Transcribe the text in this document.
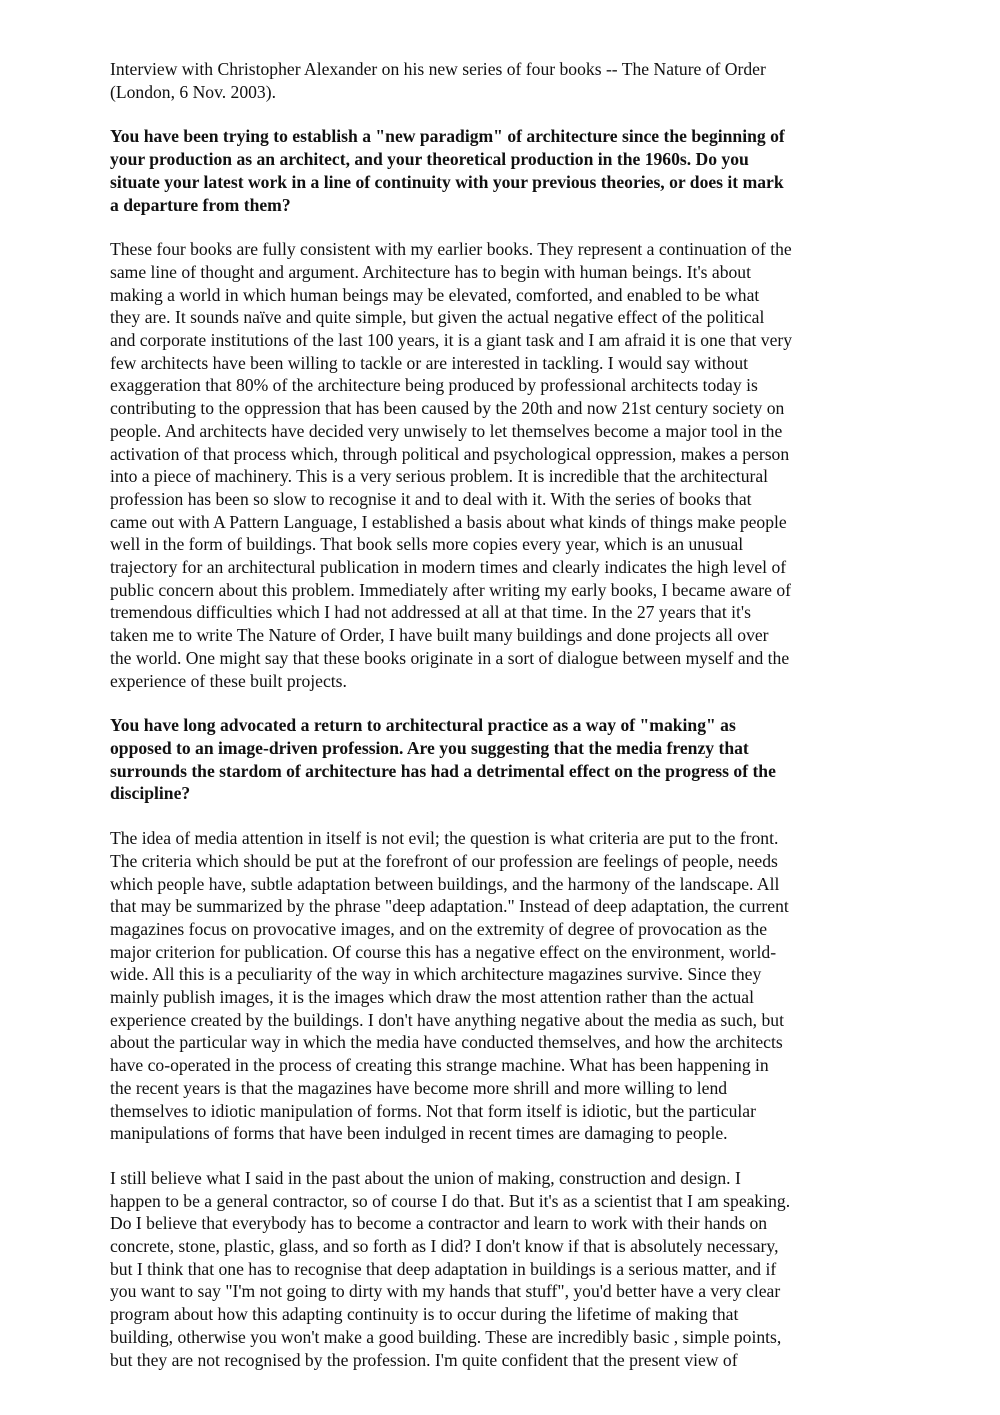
Interview with Christopher Alexander on his new series of four books -- The Nature of Order
(London, 6 Nov. 2003).

You have been trying to establish a "new paradigm" of architecture since the beginning of
your production as an architect, and your theoretical production in the 1960s. Do you
situate your latest work in a line of continuity with your previous theories, or does it mark
a departure from them?

These four books are fully consistent with my earlier books. They represent a continuation of the
same line of thought and argument. Architecture has to begin with human beings. It's about
making a world in which human beings may be elevated, comforted, and enabled to be what
they are. It sounds naïve and quite simple, but given the actual negative effect of the political
and corporate institutions of the last 100 years, it is a giant task and I am afraid it is one that very
few architects have been willing to tackle or are interested in tackling. I would say without
exaggeration that 80% of the architecture being produced by professional architects today is
contributing to the oppression that has been caused by the 20th and now 21st century society on
people. And architects have decided very unwisely to let themselves become a major tool in the
activation of that process which, through political and psychological oppression, makes a person
into a piece of machinery. This is a very serious problem. It is incredible that the architectural
profession has been so slow to recognise it and to deal with it. With the series of books that
came out with A Pattern Language, I established a basis about what kinds of things make people
well in the form of buildings. That book sells more copies every year, which is an unusual
trajectory for an architectural publication in modern times and clearly indicates the high level of
public concern about this problem. Immediately after writing my early books, I became aware of
tremendous difficulties which I had not addressed at all at that time. In the 27 years that it's
taken me to write The Nature of Order, I have built many buildings and done projects all over
the world. One might say that these books originate in a sort of dialogue between myself and the
experience of these built projects.

You have long advocated a return to architectural practice as a way of "making" as
opposed to an image-driven profession. Are you suggesting that the media frenzy that
surrounds the stardom of architecture has had a detrimental effect on the progress of the
discipline?

The idea of media attention in itself is not evil; the question is what criteria are put to the front.
The criteria which should be put at the forefront of our profession are feelings of people, needs
which people have, subtle adaptation between buildings, and the harmony of the landscape. All
that may be summarized by the phrase "deep adaptation." Instead of deep adaptation, the current
magazines focus on provocative images, and on the extremity of degree of provocation as the
major criterion for publication. Of course this has a negative effect on the environment, world-
wide. All this is a peculiarity of the way in which architecture magazines survive. Since they
mainly publish images, it is the images which draw the most attention rather than the actual
experience created by the buildings. I don't have anything negative about the media as such, but
about the particular way in which the media have conducted themselves, and how the architects
have co-operated in the process of creating this strange machine. What has been happening in
the recent years is that the magazines have become more shrill and more willing to lend
themselves to idiotic manipulation of forms. Not that form itself is idiotic, but the particular
manipulations of forms that have been indulged in recent times are damaging to people.

I still believe what I said in the past about the union of making, construction and design. I
happen to be a general contractor, so of course I do that. But it's as a scientist that I am speaking.
Do I believe that everybody has to become a contractor and learn to work with their hands on
concrete, stone, plastic, glass, and so forth as I did? I don't know if that is absolutely necessary,
but I think that one has to recognise that deep adaptation in buildings is a serious matter, and if
you want to say "I'm not going to dirty with my hands that stuff", you'd better have a very clear
program about how this adapting continuity is to occur during the lifetime of making that
building, otherwise you won't make a good building. These are incredibly basic , simple points,
but they are not recognised by the profession. I'm quite confident that the present view of
